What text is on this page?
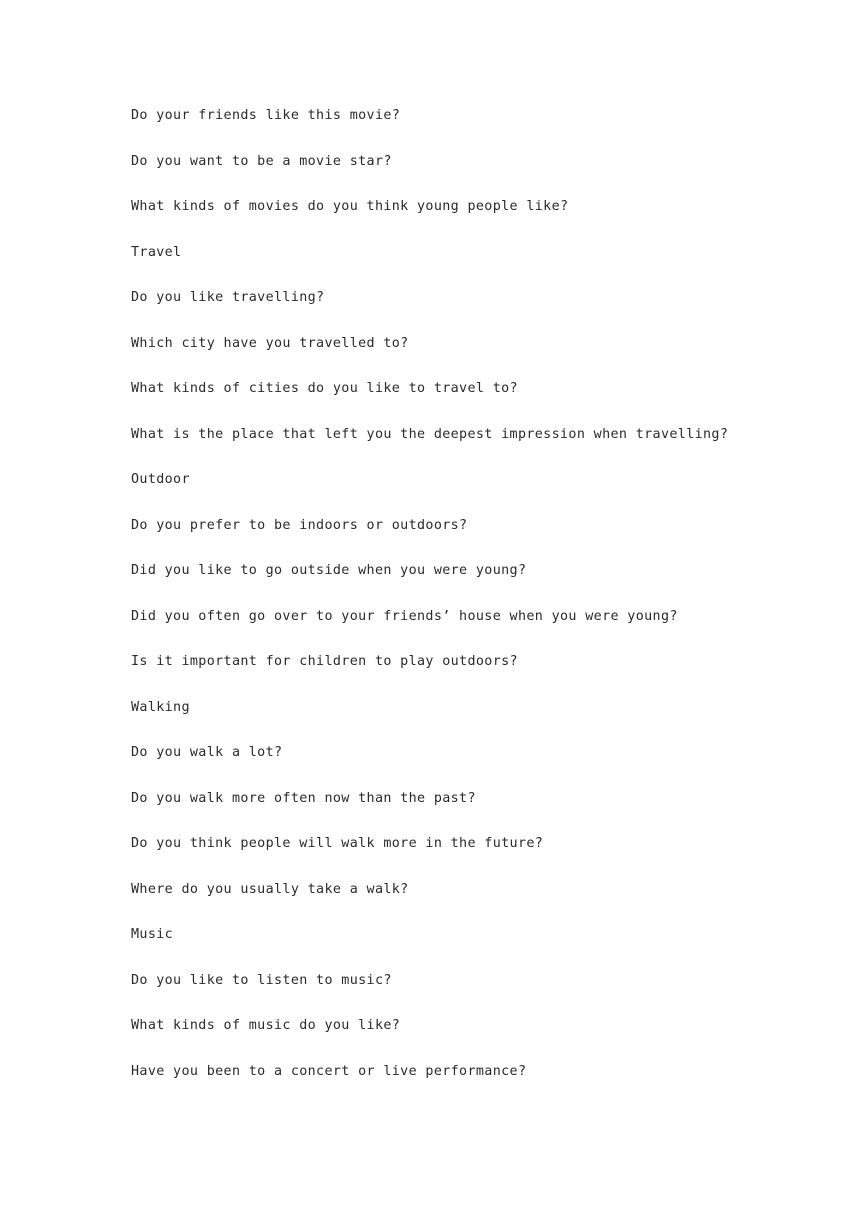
Do your friends like this movie?
Do you want to be a movie star?
What kinds of movies do you think young people like?
Travel
Do you like travelling?
Which city have you travelled to?
What kinds of cities do you like to travel to?
What is the place that left you the deepest impression when travelling?
Outdoor
Do you prefer to be indoors or outdoors?
Did you like to go outside when you were young?
Did you often go over to your friends’ house when you were young?
Is it important for children to play outdoors?
Walking
Do you walk a lot?
Do you walk more often now than the past?
Do you think people will walk more in the future?
Where do you usually take a walk?
Music
Do you like to listen to music?
What kinds of music do you like?
Have you been to a concert or live performance?
